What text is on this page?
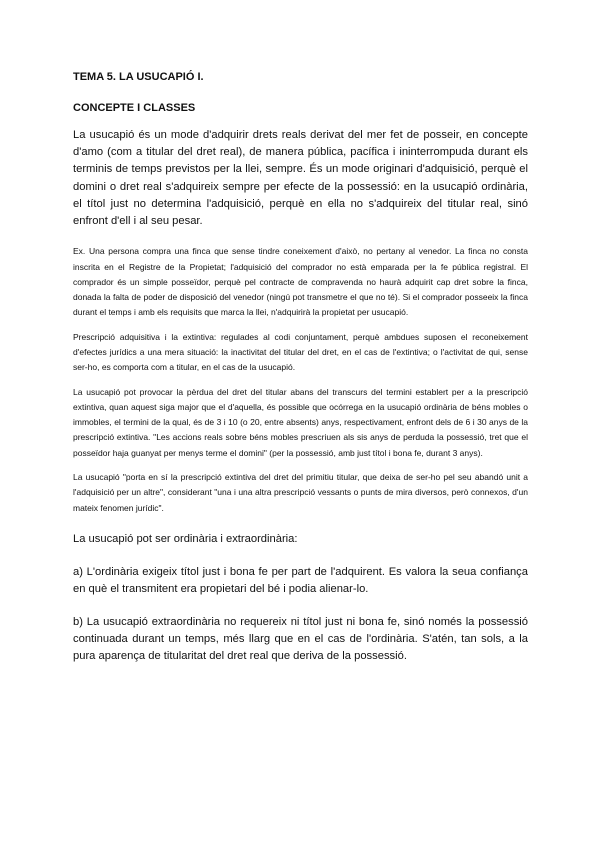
TEMA 5. LA USUCAPIÓ I.
CONCEPTE I CLASSES

La usucapió és un mode d'adquirir drets reals derivat del mer fet de posseir, en concepte d'amo (com a titular del dret real), de manera pública, pacífica i ininterrompuda durant els terminis de temps previstos per la llei, sempre. És un mode originari d'adquisició, perquè el domini o dret real s'adquireix sempre per efecte de la possessió: en la usucapió ordinària, el títol just no determina l'adquisició, perquè en ella no s'adquireix del titular real, sinó enfront d'ell i al seu pesar.

Ex. Una persona compra una finca que sense tindre coneixement d'això, no pertany al venedor. La finca no consta inscrita en el Registre de la Propietat; l'adquisició del comprador no està emparada per la fe pública registral. El comprador és un simple posseïdor, perquè pel contracte de compravenda no haurà adquirit cap dret sobre la finca, donada la falta de poder de disposició del venedor (ningú pot transmetre el que no té). Si el comprador posseeix la finca durant el temps i amb els requisits que marca la llei, n'adquirirà la propietat per usucapió.

Prescripció adquisitiva i la extintiva: regulades al codi conjuntament, perquè ambdues suposen el reconeixement d'efectes jurídics a una mera situació: la inactivitat del titular del dret, en el cas de l'extintiva; o l'activitat de qui, sense ser-ho, es comporta com a titular, en el cas de la usucapió.

La usucapió pot provocar la pèrdua del dret del titular abans del transcurs del termini establert per a la prescripció extintiva, quan aquest siga major que el d'aquella, és possible que ocórrega en la usucapió ordinària de béns mobles o immobles, el termini de la qual, és de 3 i 10 (o 20, entre absents) anys, respectivament, enfront dels de 6 i 30 anys de la prescripció extintiva. "Les accions reals sobre béns mobles prescriuen als sis anys de perduda la possessió, tret que el posseïdor haja guanyat per menys terme el domini" (per la possessió, amb just títol i bona fe, durant 3 anys).

La usucapió "porta en sí la prescripció extintiva del dret del primitiu titular, que deixa de ser-ho pel seu abandó unit a l'adquisició per un altre", considerant "una i una altra prescripció vessants o punts de mira diversos, però connexos, d'un mateix fenomen jurídic".

La usucapió pot ser ordinària i extraordinària:

a) L'ordinària exigeix títol just i bona fe per part de l'adquirent. Es valora la seua confiança en què el transmitent era propietari del bé i podia alienar-lo.

b) La usucapió extraordinària no requereix ni títol just ni bona fe, sinó només la possessió continuada durant un temps, més llarg que en el cas de l'ordinària. S'atén, tan sols, a la pura aparença de titularitat del dret real que deriva de la possessió.
